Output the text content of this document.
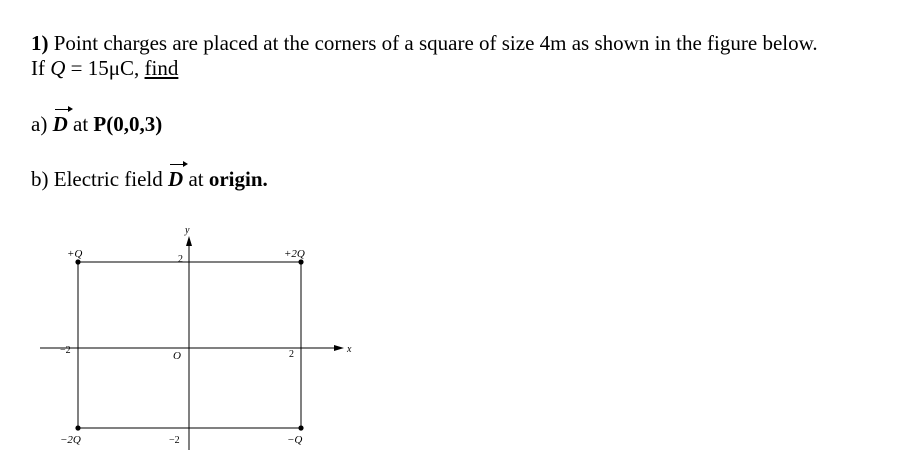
1) Point charges are placed at the corners of a square of size 4m as shown in the figure below.
If Q = 15μC, find
a) D at P(0,0,3)
b) Electric field D at origin.
x
y
O
2
−2	2
−2
+Q	+2Q
−2Q	−Q
